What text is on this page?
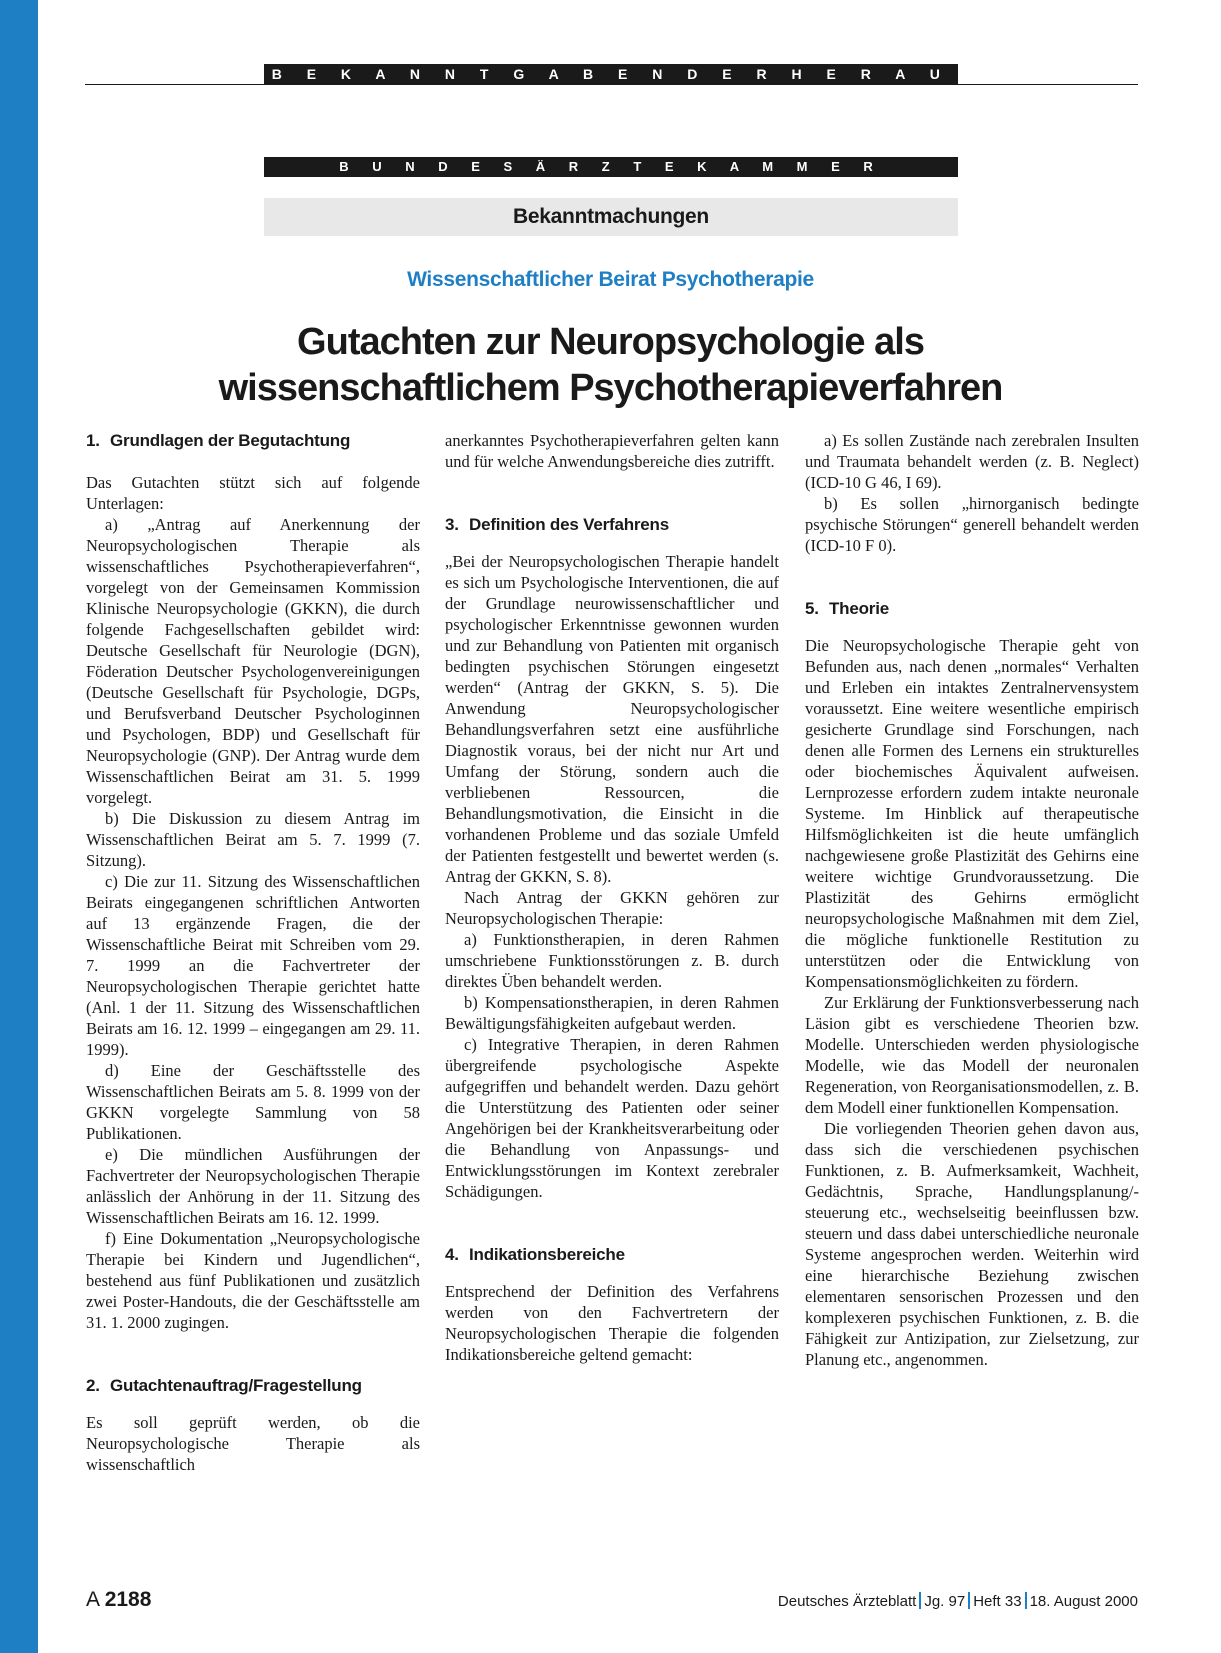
B E K A N N T G A B E N D E R H E R A U S G E B E R
B U N D E S Ä R Z T E K A M M E R
Bekanntmachungen
Wissenschaftlicher Beirat Psychotherapie
Gutachten zur Neuropsychologie als
wissenschaftlichem Psychotherapieverfahren
1. Grundlagen der Begutachtung

Das Gutachten stützt sich auf folgende Unterlagen:

a) „Antrag auf Anerkennung der Neuropsychologischen Therapie als wissenschaftliches Psychotherapieverfahren“, vorgelegt von der Gemeinsamen Kommission Klinische Neuropsychologie (GKKN), die durch folgende Fachgesellschaften gebildet wird: Deutsche Gesellschaft für Neurologie (DGN), Föderation Deutscher Psychologenvereinigungen (Deutsche Gesellschaft für Psychologie, DGPs, und Berufsverband Deutscher Psychologinnen und Psychologen, BDP) und Gesellschaft für Neuropsychologie (GNP). Der Antrag wurde dem Wissenschaftlichen Beirat am 31. 5. 1999 vorgelegt.

b) Die Diskussion zu diesem Antrag im Wissenschaftlichen Beirat am 5. 7. 1999 (7. Sitzung).

c) Die zur 11. Sitzung des Wissenschaftlichen Beirats eingegangenen schriftlichen Antworten auf 13 ergänzende Fragen, die der Wissenschaftliche Beirat mit Schreiben vom 29. 7. 1999 an die Fachvertreter der Neuropsychologischen Therapie gerichtet hatte (Anl. 1 der 11. Sitzung des Wissenschaftlichen Beirats am 16. 12. 1999 – eingegangen am 29. 11. 1999).

d) Eine der Geschäftsstelle des Wissenschaftlichen Beirats am 5. 8. 1999 von der GKKN vorgelegte Sammlung von 58 Publikationen.

e) Die mündlichen Ausführungen der Fachvertreter der Neuropsychologischen Therapie anlässlich der Anhörung in der 11. Sitzung des Wissenschaftlichen Beirats am 16. 12. 1999.

f) Eine Dokumentation „Neuropsychologische Therapie bei Kindern und Jugendlichen“, bestehend aus fünf Publikationen und zusätzlich zwei Poster-Handouts, die der Geschäftsstelle am 31. 1. 2000 zugingen.

2. Gutachtenauftrag/Fragestellung

Es soll geprüft werden, ob die Neuropsychologische Therapie als wissenschaftlich

anerkanntes Psychotherapieverfahren gelten kann und für welche Anwendungsbereiche dies zutrifft.

3. Definition des Verfahrens

„Bei der Neuropsychologischen Therapie handelt es sich um Psychologische Interventionen, die auf der Grundlage neurowissenschaftlicher und psychologischer Erkenntnisse gewonnen wurden und zur Behandlung von Patienten mit organisch bedingten psychischen Störungen eingesetzt werden“ (Antrag der GKKN, S. 5). Die Anwendung Neuropsychologischer Behandlungsverfahren setzt eine ausführliche Diagnostik voraus, bei der nicht nur Art und Umfang der Störung, sondern auch die verbliebenen Ressourcen, die Behandlungsmotivation, die Einsicht in die vorhandenen Probleme und das soziale Umfeld der Patienten festgestellt und bewertet werden (s. Antrag der GKKN, S. 8).

Nach Antrag der GKKN gehören zur Neuropsychologischen Therapie:

a) Funktionstherapien, in deren Rahmen umschriebene Funktionsstörungen z. B. durch direktes Üben behandelt werden.

b) Kompensationstherapien, in deren Rahmen Bewältigungsfähigkeiten aufgebaut werden.

c) Integrative Therapien, in deren Rahmen übergreifende psychologische Aspekte aufgegriffen und behandelt werden. Dazu gehört die Unterstützung des Patienten oder seiner Angehörigen bei der Krankheitsverarbeitung oder die Behandlung von Anpassungs- und Entwicklungsstörungen im Kontext zerebraler Schädigungen.

4. Indikationsbereiche

Entsprechend der Definition des Verfahrens werden von den Fachvertretern der Neuropsychologischen Therapie die folgenden Indikationsbereiche geltend gemacht:

a) Es sollen Zustände nach zerebralen Insulten und Traumata behandelt werden (z. B. Neglect) (ICD-10 G 46, I 69).

b) Es sollen „hirnorganisch bedingte psychische Störungen“ generell behandelt werden (ICD-10 F 0).

5. Theorie

Die Neuropsychologische Therapie geht von Befunden aus, nach denen „normales“ Verhalten und Erleben ein intaktes Zentralnervensystem voraussetzt. Eine weitere wesentliche empirisch gesicherte Grundlage sind Forschungen, nach denen alle Formen des Lernens ein strukturelles oder biochemisches Äquivalent aufweisen. Lernprozesse erfordern zudem intakte neuronale Systeme. Im Hinblick auf therapeutische Hilfsmöglichkeiten ist die heute umfänglich nachgewiesene große Plastizität des Gehirns eine weitere wichtige Grundvoraussetzung. Die Plastizität des Gehirns ermöglicht neuropsychologische Maßnahmen mit dem Ziel, die mögliche funktionelle Restitution zu unterstützen oder die Entwicklung von Kompensationsmöglichkeiten zu fördern.

Zur Erklärung der Funktionsverbesserung nach Läsion gibt es verschiedene Theorien bzw. Modelle. Unterschieden werden physiologische Modelle, wie das Modell der neuronalen Regeneration, von Reorganisationsmodellen, z. B. dem Modell einer funktionellen Kompensation.

Die vorliegenden Theorien gehen davon aus, dass sich die verschiedenen psychischen Funktionen, z. B. Aufmerksamkeit, Wachheit, Gedächtnis, Sprache, Handlungsplanung/-steuerung etc., wechselseitig beeinflussen bzw. steuern und dass dabei unterschiedliche neuronale Systeme angesprochen werden. Weiterhin wird eine hierarchische Beziehung zwischen elementaren sensorischen Prozessen und den komplexeren psychischen Funktionen, z. B. die Fähigkeit zur Antizipation, zur Zielsetzung, zur Planung etc., angenommen.

A 2188	Deutsches Ärzteblatt Jg. 97 Heft 33 18. August 2000
